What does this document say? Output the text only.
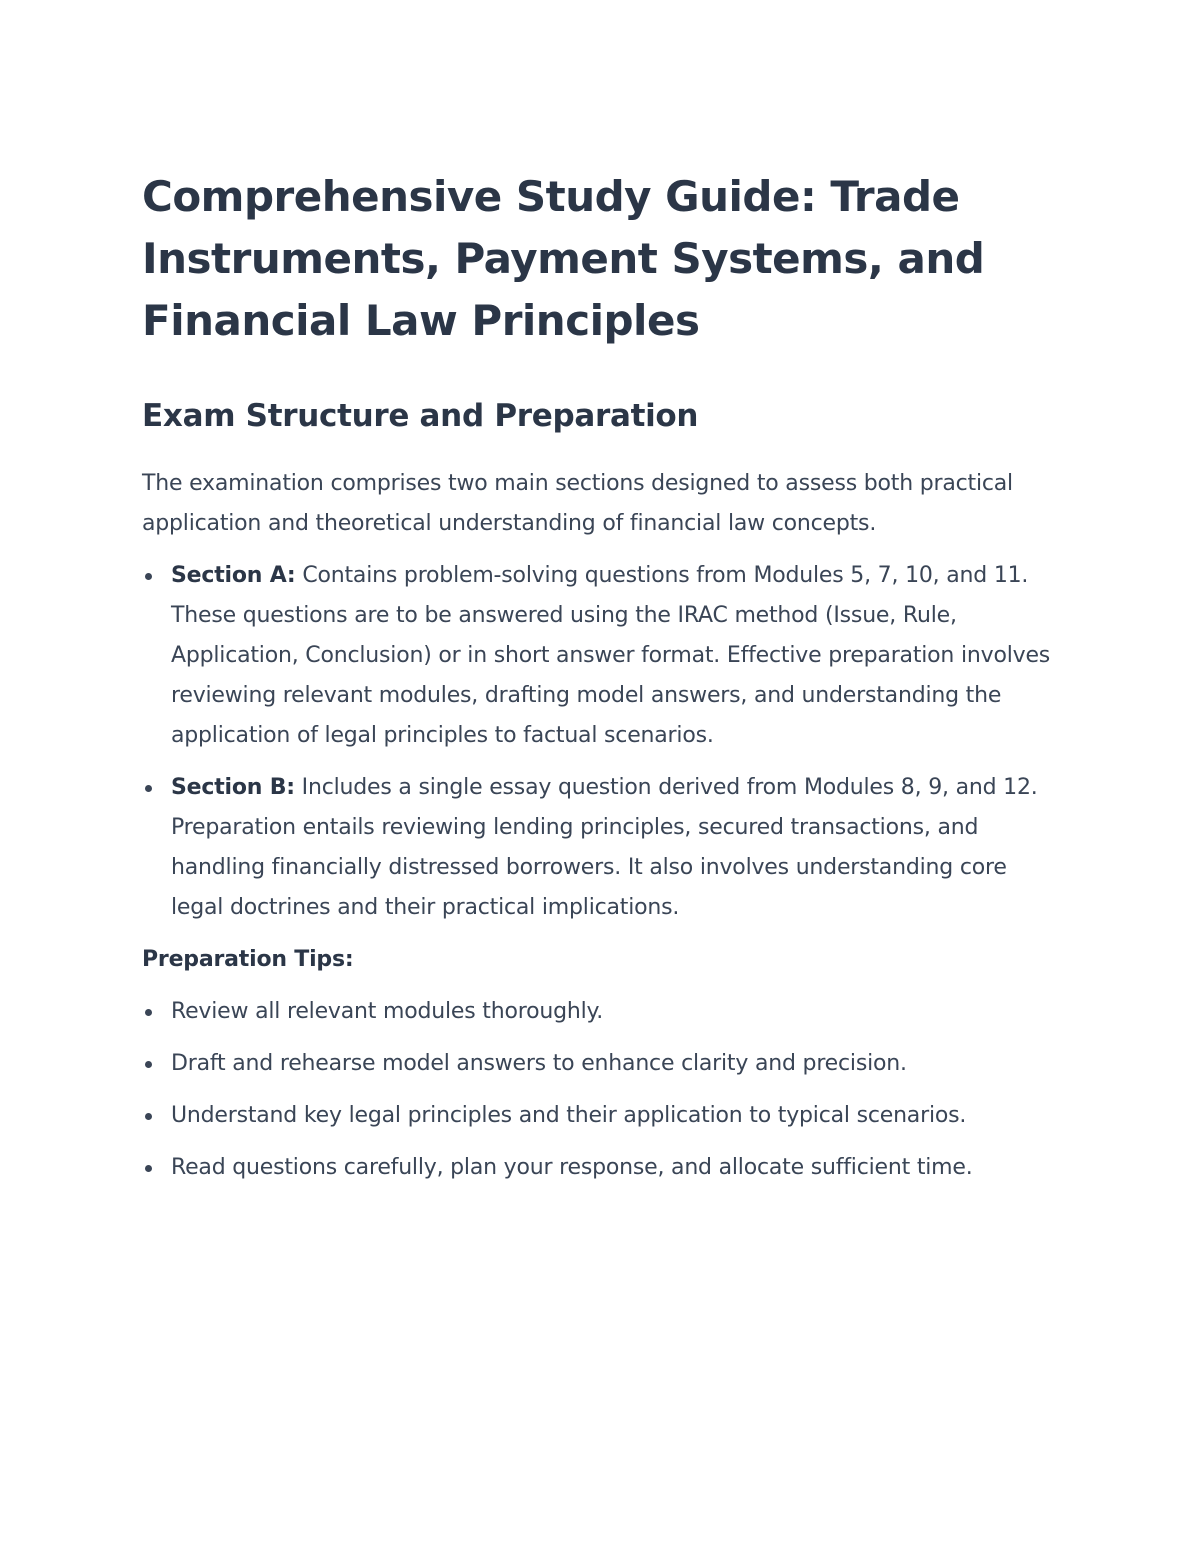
Comprehensive Study Guide: Trade Instruments, Payment Systems, and Financial Law Principles
Exam Structure and Preparation

The examination comprises two main sections designed to assess both practical application and theoretical understanding of financial law concepts.

Section A: Contains problem-solving questions from Modules 5, 7, 10, and 11. These questions are to be answered using the IRAC method (Issue, Rule, Application, Conclusion) or in short answer format. Effective preparation involves reviewing relevant modules, drafting model answers, and understanding the application of legal principles to factual scenarios.
Section B: Includes a single essay question derived from Modules 8, 9, and 12. Preparation entails reviewing lending principles, secured transactions, and handling financially distressed borrowers. It also involves understanding core legal doctrines and their practical implications.

Preparation Tips:

Review all relevant modules thoroughly.
Draft and rehearse model answers to enhance clarity and precision.
Understand key legal principles and their application to typical scenarios.
Read questions carefully, plan your response, and allocate sufficient time.
